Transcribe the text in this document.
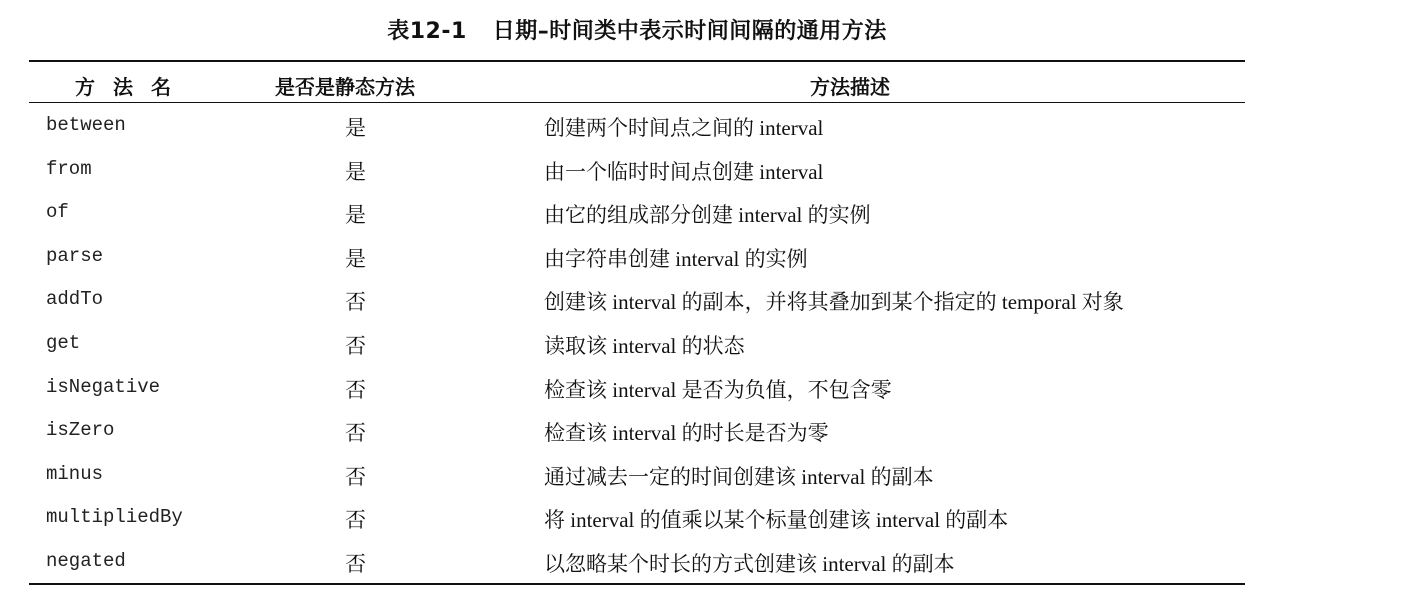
表12-1 日期–时间类中表示时间间隔的通用方法
方法名	是否是静态方法	方法描述
between	是	创建两个时间点之间的 interval
from	是	由一个临时时间点创建 interval
of	是	由它的组成部分创建 interval 的实例
parse	是	由字符串创建 interval 的实例
addTo	否	创建该 interval 的副本，并将其叠加到某个指定的 temporal 对象
get	否	读取该 interval 的状态
isNegative	否	检查该 interval 是否为负值，不包含零
isZero	否	检查该 interval 的时长是否为零
minus	否	通过减去一定的时间创建该 interval 的副本
multipliedBy	否	将 interval 的值乘以某个标量创建该 interval 的副本
negated	否	以忽略某个时长的方式创建该 interval 的副本
